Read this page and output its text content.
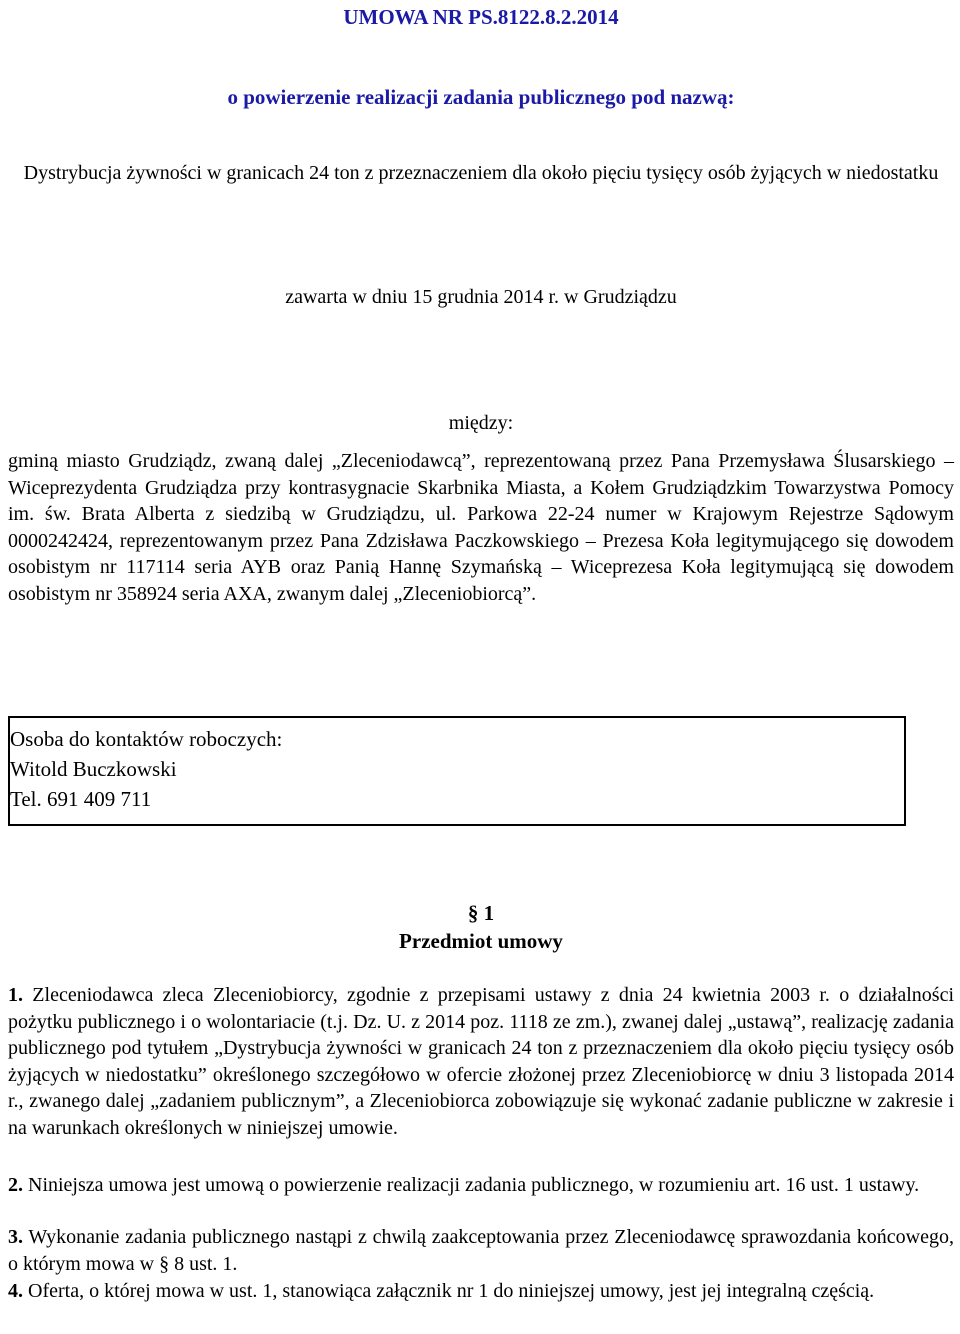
UMOWA NR PS.8122.8.2.2014
o powierzenie realizacji zadania publicznego pod nazwą:
Dystrybucja żywności w granicach 24 ton z przeznaczeniem dla około pięciu tysięcy osób żyjących w niedostatku
zawarta w dniu 15 grudnia 2014 r. w Grudziądzu
między:
gminą miasto Grudziądz, zwaną dalej „Zleceniodawcą”, reprezentowaną przez Pana Przemysława Ślusarskiego – Wiceprezydenta Grudziądza przy kontrasygnacie Skarbnika Miasta, a Kołem Grudziądzkim Towarzystwa Pomocy im. św. Brata Alberta z siedzibą w Grudziądzu, ul. Parkowa 22-24 numer w Krajowym Rejestrze Sądowym 0000242424, reprezentowanym przez Pana Zdzisława Paczkowskiego – Prezesa Koła legitymującego się dowodem osobistym nr 117114 seria AYB oraz Panią Hannę Szymańską – Wiceprezesa Koła legitymującą się dowodem osobistym nr 358924 seria AXA, zwanym dalej „Zleceniobiorcą”.
Osoba do kontaktów roboczych:
Witold Buczkowski
Tel. 691 409 711
§ 1
Przedmiot umowy
1. Zleceniodawca zleca Zleceniobiorcy, zgodnie z przepisami ustawy z dnia 24 kwietnia 2003 r. o działalności pożytku publicznego i o wolontariacie (t.j. Dz. U. z 2014 poz. 1118 ze zm.), zwanej dalej „ustawą”, realizację zadania publicznego pod tytułem „Dystrybucja żywności w granicach 24 ton z przeznaczeniem dla około pięciu tysięcy osób żyjących w niedostatku” określonego szczegółowo w ofercie złożonej przez Zleceniobiorcę w dniu 3 listopada 2014 r., zwanego dalej „zadaniem publicznym”, a Zleceniobiorca zobowiązuje się wykonać zadanie publiczne w zakresie i na warunkach określonych w niniejszej umowie.
2. Niniejsza umowa jest umową o powierzenie realizacji zadania publicznego, w rozumieniu art. 16 ust. 1 ustawy.
3. Wykonanie zadania publicznego nastąpi z chwilą zaakceptowania przez Zleceniodawcę sprawozdania końcowego, o którym mowa w § 8 ust. 1.
4. Oferta, o której mowa w ust. 1, stanowiąca załącznik nr 1 do niniejszej umowy, jest jej integralną częścią.
